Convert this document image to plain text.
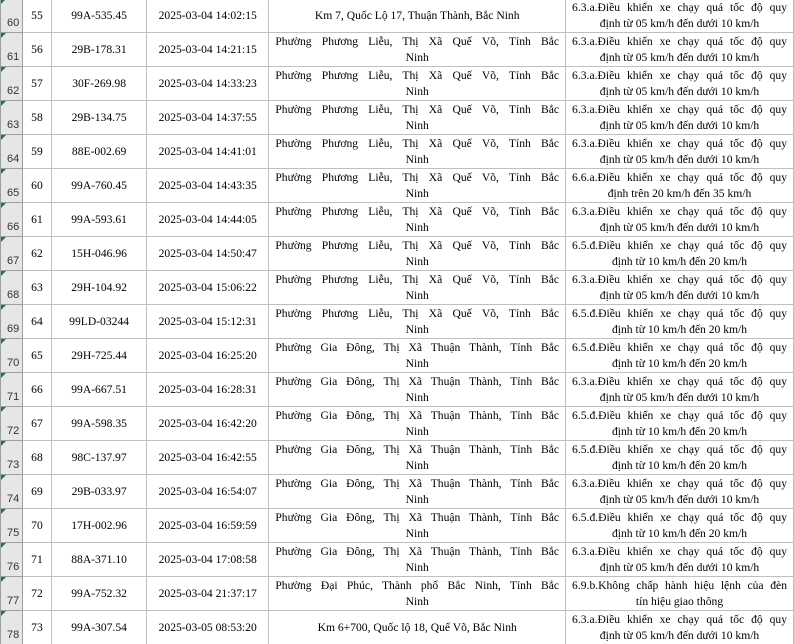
60	55	99A-535.45	2025-03-04 14:02:15	Km 7, Quốc Lộ 17, Thuận Thành, Bắc Ninh	6.3.a.Điều khiển xe chạy quá tốc độ quy
định từ 05 km/h đến dưới 10 km/h

61	56	29B-178.31	2025-03-04 14:21:15	Phường Phương Liễu, Thị Xã Quế Võ, Tỉnh Bắc
Ninh	6.3.a.Điều khiển xe chạy quá tốc độ quy
định từ 05 km/h đến dưới 10 km/h

62	57	30F-269.98	2025-03-04 14:33:23	Phường Phương Liễu, Thị Xã Quế Võ, Tỉnh Bắc
Ninh	6.3.a.Điều khiển xe chạy quá tốc độ quy
định từ 05 km/h đến dưới 10 km/h

63	58	29B-134.75	2025-03-04 14:37:55	Phường Phương Liễu, Thị Xã Quế Võ, Tỉnh Bắc
Ninh	6.3.a.Điều khiển xe chạy quá tốc độ quy
định từ 05 km/h đến dưới 10 km/h

64	59	88E-002.69	2025-03-04 14:41:01	Phường Phương Liễu, Thị Xã Quế Võ, Tỉnh Bắc
Ninh	6.3.a.Điều khiển xe chạy quá tốc độ quy
định từ 05 km/h đến dưới 10 km/h

65	60	99A-760.45	2025-03-04 14:43:35	Phường Phương Liễu, Thị Xã Quế Võ, Tỉnh Bắc
Ninh	6.6.a.Điều khiển xe chạy quá tốc độ quy
định trên 20 km/h đến 35 km/h

66	61	99A-593.61	2025-03-04 14:44:05	Phường Phương Liễu, Thị Xã Quế Võ, Tỉnh Bắc
Ninh	6.3.a.Điều khiển xe chạy quá tốc độ quy
định từ 05 km/h đến dưới 10 km/h

67	62	15H-046.96	2025-03-04 14:50:47	Phường Phương Liễu, Thị Xã Quế Võ, Tỉnh Bắc
Ninh	6.5.đ.Điều khiển xe chạy quá tốc độ quy
định từ 10 km/h đến 20 km/h

68	63	29H-104.92	2025-03-04 15:06:22	Phường Phương Liễu, Thị Xã Quế Võ, Tỉnh Bắc
Ninh	6.3.a.Điều khiển xe chạy quá tốc độ quy
định từ 05 km/h đến dưới 10 km/h

69	64	99LD-03244	2025-03-04 15:12:31	Phường Phương Liễu, Thị Xã Quế Võ, Tỉnh Bắc
Ninh	6.5.đ.Điều khiển xe chạy quá tốc độ quy
định từ 10 km/h đến 20 km/h

70	65	29H-725.44	2025-03-04 16:25:20	Phường Gia Đông, Thị Xã Thuận Thành, Tỉnh Bắc
Ninh	6.5.đ.Điều khiển xe chạy quá tốc độ quy
định từ 10 km/h đến 20 km/h

71	66	99A-667.51	2025-03-04 16:28:31	Phường Gia Đông, Thị Xã Thuận Thành, Tỉnh Bắc
Ninh	6.3.a.Điều khiển xe chạy quá tốc độ quy
định từ 05 km/h đến dưới 10 km/h

72	67	99A-598.35	2025-03-04 16:42:20	Phường Gia Đông, Thị Xã Thuận Thành, Tỉnh Bắc
Ninh	6.5.đ.Điều khiển xe chạy quá tốc độ quy
định từ 10 km/h đến 20 km/h

73	68	98C-137.97	2025-03-04 16:42:55	Phường Gia Đông, Thị Xã Thuận Thành, Tỉnh Bắc
Ninh	6.5.đ.Điều khiển xe chạy quá tốc độ quy
định từ 10 km/h đến 20 km/h

74	69	29B-033.97	2025-03-04 16:54:07	Phường Gia Đông, Thị Xã Thuận Thành, Tỉnh Bắc
Ninh	6.3.a.Điều khiển xe chạy quá tốc độ quy
định từ 05 km/h đến dưới 10 km/h

75	70	17H-002.96	2025-03-04 16:59:59	Phường Gia Đông, Thị Xã Thuận Thành, Tỉnh Bắc
Ninh	6.5.đ.Điều khiển xe chạy quá tốc độ quy
định từ 10 km/h đến 20 km/h

76	71	88A-371.10	2025-03-04 17:08:58	Phường Gia Đông, Thị Xã Thuận Thành, Tỉnh Bắc
Ninh	6.3.a.Điều khiển xe chạy quá tốc độ quy
định từ 05 km/h đến dưới 10 km/h

77	72	99A-752.32	2025-03-04 21:37:17	Phường Đại Phúc, Thành phố Bắc Ninh, Tỉnh Bắc
Ninh	6.9.b.Không chấp hành hiệu lệnh của đèn
tín hiệu giao thông

78	73	99A-307.54	2025-03-05 08:53:20	Km 6+700, Quốc lộ 18, Quế Võ, Bắc Ninh	6.3.a.Điều khiển xe chạy quá tốc độ quy
định từ 05 km/h đến dưới 10 km/h
